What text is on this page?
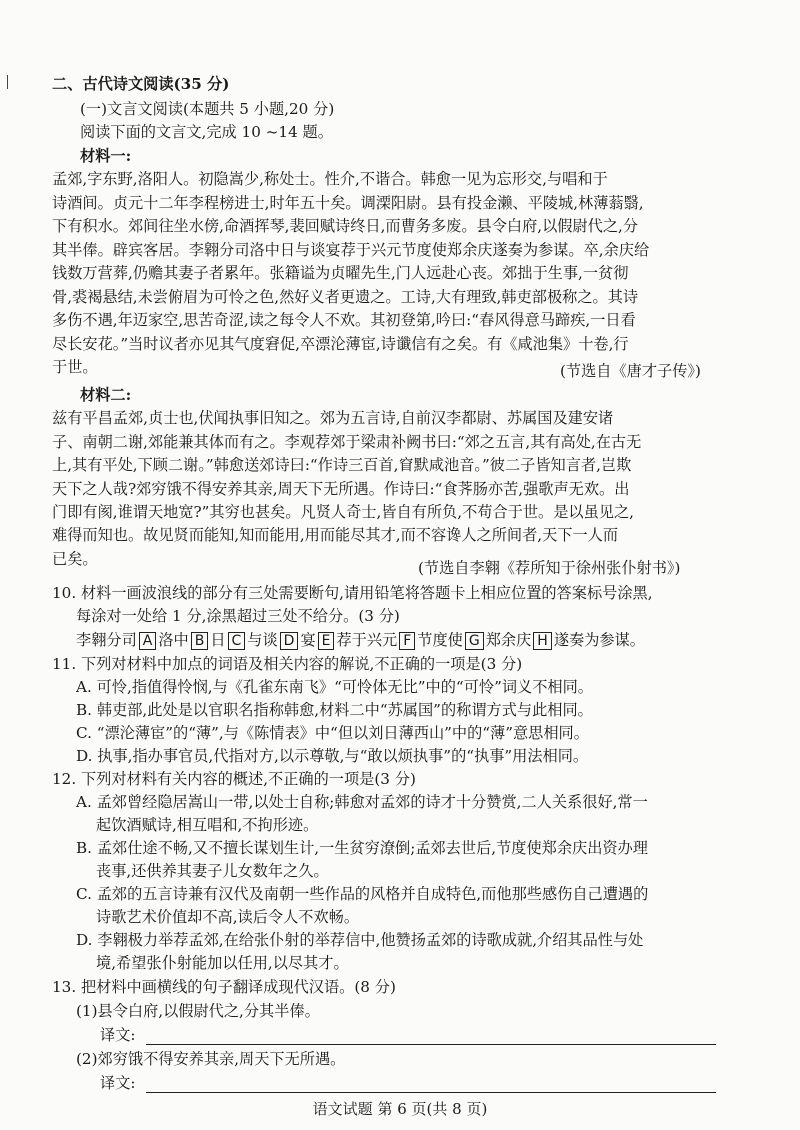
二、古代诗文阅读(35 分)
(一)文言文阅读(本题共 5 小题,20 分)
阅读下面的文言文,完成 10 ~14 题。
材料一:
孟郊,字东野,洛阳人。初隐嵩少,称处士。性介,不谐合。韩愈一见为忘形交,与唱和于
诗酒间。贞元十二年李程榜进士,时年五十矣。调溧阳尉。县有投金濑、平陵城,林薄蓊翳,
下有积水。郊间往坐水傍,命酒挥琴,裴回赋诗终日,而曹务多废。县令白府,以假尉代之,分
其半俸。辟宾客居。李翱分司洛中日与谈宴荐于兴元节度使郑余庆遂奏为参谋。卒,余庆给
钱数万营葬,仍赡其妻子者累年。张籍谥为贞曜先生,门人远赴心丧。郊拙于生事,一贫彻
骨,裘褐悬结,未尝俯眉为可怜之色,然好义者更遗之。工诗,大有理致,韩吏部极称之。其诗
多伤不遇,年迈家空,思苦奇涩,读之每令人不欢。其初登第,吟曰:“春风得意马蹄疾,一日看
尽长安花。”当时议者亦见其气度窘促,卒漂沦薄宦,诗谶信有之矣。有《咸池集》十卷,行
于世。	(节选自《唐才子传》)
材料二:
兹有平昌孟郊,贞士也,伏闻执事旧知之。郊为五言诗,自前汉李都尉、苏属国及建安诸
子、南朝二谢,郊能兼其体而有之。李观荐郊于梁肃补阙书曰:“郊之五言,其有高处,在古无
上,其有平处,下顾二谢。”韩愈送郊诗曰:“作诗三百首,窅默咸池音。”彼二子皆知言者,岂欺
天下之人哉?郊穷饿不得安养其亲,周天下无所遇。作诗曰:“食荠肠亦苦,强歌声无欢。出
门即有阂,谁谓天地宽?”其穷也甚矣。凡贤人奇士,皆自有所负,不苟合于世。是以虽见之,
难得而知也。故见贤而能知,知而能用,用而能尽其才,而不容谗人之所间者,天下一人而
已矣。	(节选自李翱《荐所知于徐州张仆射书》)
10. 材料一画波浪线的部分有三处需要断句,请用铅笔将答题卡上相应位置的答案标号涂黑,
每涂对一处给 1 分,涂黑超过三处不给分。(3 分)
李翱分司 A 洛中 B 日 C 与谈 D 宴 E 荐于兴元 F 节度使 G 郑余庆 H 遂奏为参谋。
11. 下列对材料中加点的词语及相关内容的解说,不正确的一项是(3 分)
A. 可怜,指值得怜悯,与《孔雀东南飞》“可怜体无比”中的“可怜”词义不相同。
B. 韩吏部,此处是以官职名指称韩愈,材料二中“苏属国”的称谓方式与此相同。
C. “漂沦薄宦”的“薄”,与《陈情表》中“但以刘日薄西山”中的“薄”意思相同。
D. 执事,指办事官员,代指对方,以示尊敬,与“敢以烦执事”的“执事”用法相同。
12. 下列对材料有关内容的概述,不正确的一项是(3 分)
A. 孟郊曾经隐居嵩山一带,以处士自称;韩愈对孟郊的诗才十分赞赏,二人关系很好,常一
起饮酒赋诗,相互唱和,不拘形迹。
B. 孟郊仕途不畅,又不擅长谋划生计,一生贫穷潦倒;孟郊去世后,节度使郑余庆出资办理
丧事,还供养其妻子儿女数年之久。
C. 孟郊的五言诗兼有汉代及南朝一些作品的风格并自成特色,而他那些感伤自己遭遇的
诗歌艺术价值却不高,读后令人不欢畅。
D. 李翱极力举荐孟郊,在给张仆射的举荐信中,他赞扬孟郊的诗歌成就,介绍其品性与处
境,希望张仆射能加以任用,以尽其才。
13. 把材料中画横线的句子翻译成现代汉语。(8 分)
(1)县令白府,以假尉代之,分其半俸。
译文:
(2)郊穷饿不得安养其亲,周天下无所遇。
译文:
语文试题 第 6 页(共 8 页)
